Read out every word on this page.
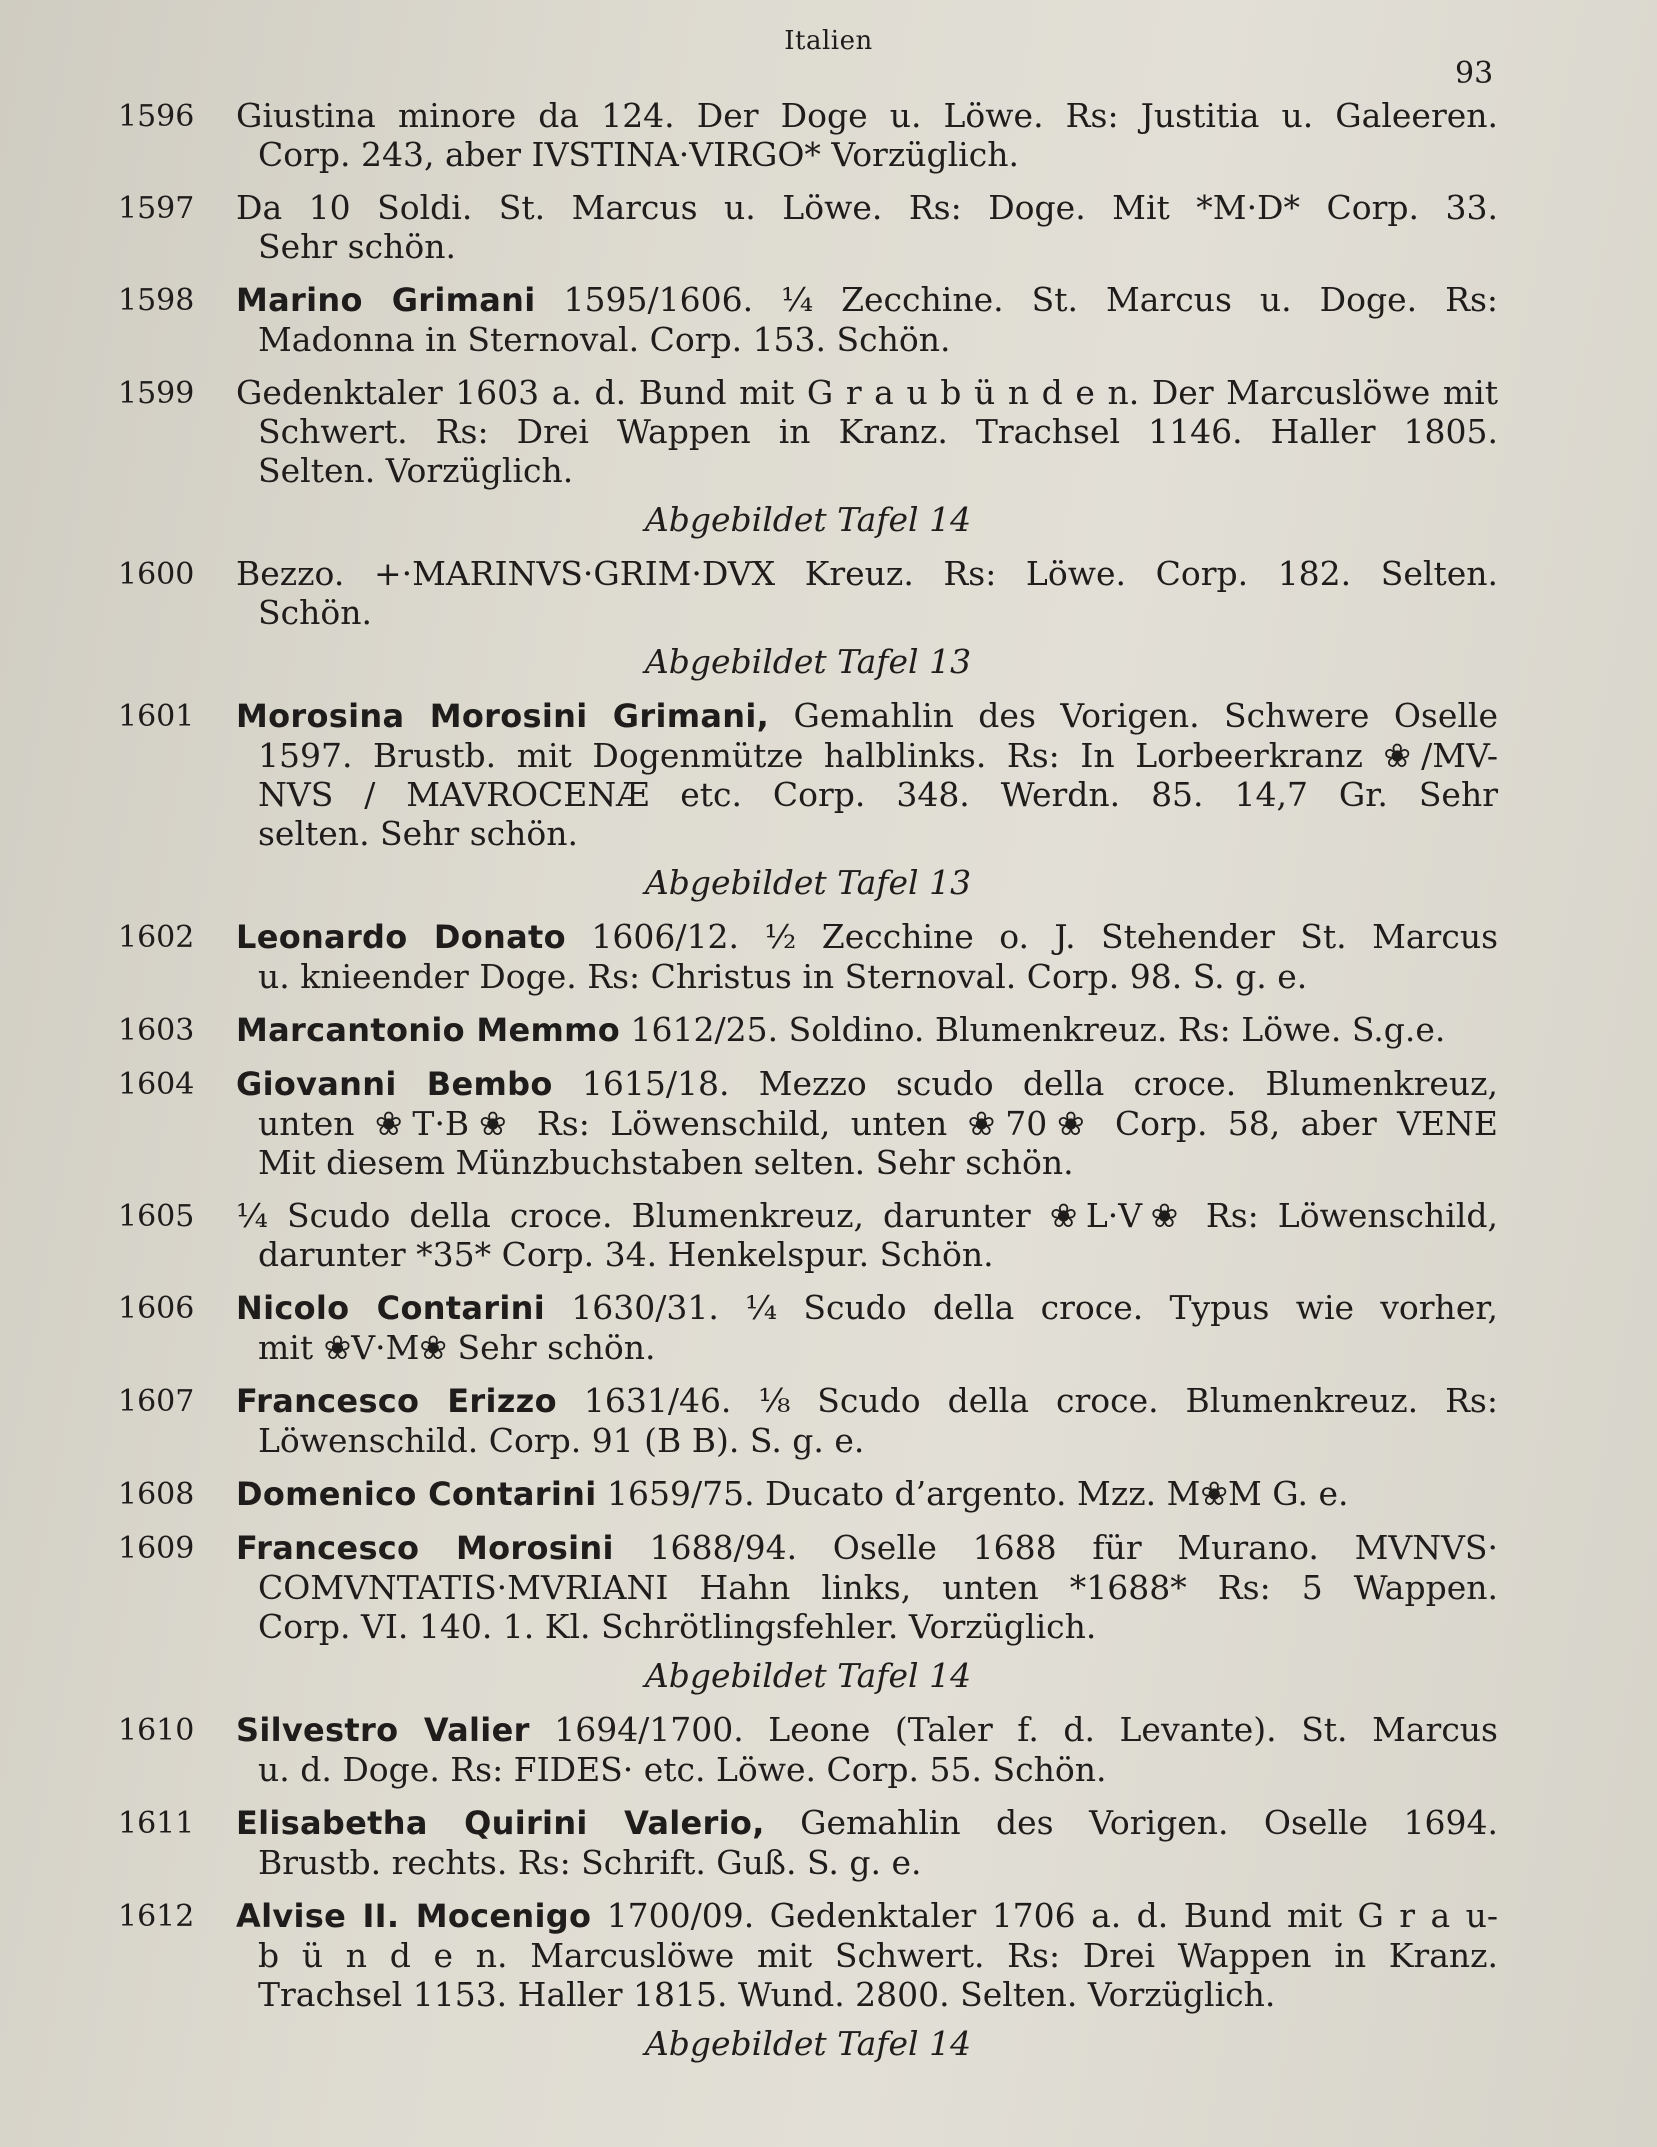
Italien
93
1596	Giustina minore da 124. Der Doge u. Löwe. Rs: Justitia u. Galeeren.
Corp. 243, aber IVSTINA·VIRGO* Vorzüglich.
1597	Da 10 Soldi. St. Marcus u. Löwe. Rs: Doge. Mit *M·D* Corp. 33.
Sehr schön.
1598	Marino Grimani 1595/1606. ¼ Zecchine. St. Marcus u. Doge. Rs:
Madonna in Sternoval. Corp. 153. Schön.
1599	Gedenktaler 1603 a. d. Bund mit G r a u b ü n d e n. Der Marcuslöwe mit
Schwert. Rs: Drei Wappen in Kranz. Trachsel 1146. Haller 1805.
Selten. Vorzüglich.
Abgebildet Tafel 14
1600	Bezzo. +·MARINVS·GRIM·DVX Kreuz. Rs: Löwe. Corp. 182. Selten.
Schön.
Abgebildet Tafel 13
1601	Morosina Morosini Grimani, Gemahlin des Vorigen. Schwere Oselle
1597. Brustb. mit Dogenmütze halblinks. Rs: In Lorbeerkranz ❀/MV-
NVS / MAVROCENÆ etc. Corp. 348. Werdn. 85. 14,7 Gr. Sehr
selten. Sehr schön.
Abgebildet Tafel 13
1602	Leonardo Donato 1606/12. ½ Zecchine o. J. Stehender St. Marcus
u. knieender Doge. Rs: Christus in Sternoval. Corp. 98. S. g. e.
1603	Marcantonio Memmo 1612/25. Soldino. Blumenkreuz. Rs: Löwe. S.g.e.
1604	Giovanni Bembo 1615/18. Mezzo scudo della croce. Blumenkreuz,
unten ❀T·B❀ Rs: Löwenschild, unten ❀70❀ Corp. 58, aber VENE
Mit diesem Münzbuchstaben selten. Sehr schön.
1605	¼ Scudo della croce. Blumenkreuz, darunter ❀L·V❀ Rs: Löwenschild,
darunter *35* Corp. 34. Henkelspur. Schön.
1606	Nicolo Contarini 1630/31. ¼ Scudo della croce. Typus wie vorher,
mit ❀V·M❀ Sehr schön.
1607	Francesco Erizzo 1631/46. ⅛ Scudo della croce. Blumenkreuz. Rs:
Löwenschild. Corp. 91 (B B). S. g. e.
1608	Domenico Contarini 1659/75. Ducato d’argento. Mzz. M❀M G. e.
1609	Francesco Morosini 1688/94. Oselle 1688 für Murano. MVNVS·
COMVNTATIS·MVRIANI Hahn links, unten *1688* Rs: 5 Wappen.
Corp. VI. 140. 1. Kl. Schrötlingsfehler. Vorzüglich.
Abgebildet Tafel 14
1610	Silvestro Valier 1694/1700. Leone (Taler f. d. Levante). St. Marcus
u. d. Doge. Rs: FIDES· etc. Löwe. Corp. 55. Schön.
1611	Elisabetha Quirini Valerio, Gemahlin des Vorigen. Oselle 1694.
Brustb. rechts. Rs: Schrift. Guß. S. g. e.
1612	Alvise II. Mocenigo 1700/09. Gedenktaler 1706 a. d. Bund mit G r a u-
b ü n d e n. Marcuslöwe mit Schwert. Rs: Drei Wappen in Kranz.
Trachsel 1153. Haller 1815. Wund. 2800. Selten. Vorzüglich.
Abgebildet Tafel 14
